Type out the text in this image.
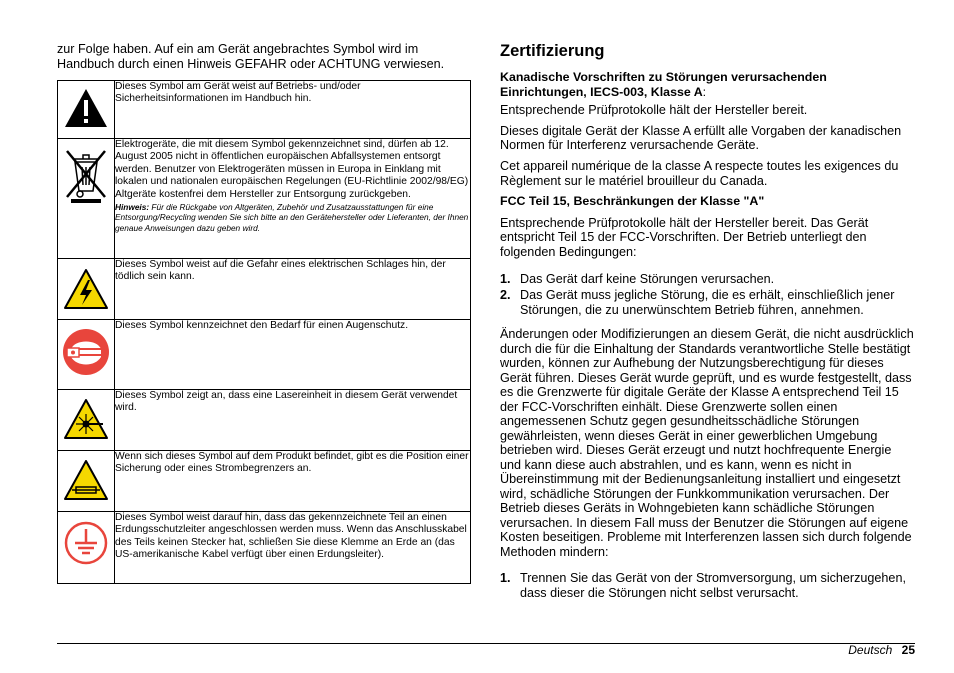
zur Folge haben. Auf ein am Gerät angebrachtes Symbol wird im Handbuch durch einen Hinweis GEFAHR oder ACHTUNG verwiesen.

	Dieses Symbol am Gerät weist auf Betriebs- und/oder Sicherheitsinformationen im Handbuch hin.

Elektrogeräte, die mit diesem Symbol gekennzeichnet sind, dürfen ab 12. August 2005 nicht in öffentlichen europäischen Abfallsystemen entsorgt werden. Benutzer von Elektrogeräten müssen in Europa in Einklang mit lokalen und nationalen europäischen Regelungen (EU-Richtlinie 2002/98/EG) Altgeräte kostenfrei dem Hersteller zur Entsorgung zurückgeben.
Hinweis: Für die Rückgabe von Altgeräten, Zubehör und Zusatzausstattungen für eine Entsorgung/Recycling wenden Sie sich bitte an den Gerätehersteller oder Lieferanten, der Ihnen genaue Anweisungen dazu geben wird.

	Dieses Symbol weist auf die Gefahr eines elektrischen Schlages hin, der tödlich sein kann.

	Dieses Symbol kennzeichnet den Bedarf für einen Augenschutz.

	Dieses Symbol zeigt an, dass eine Lasereinheit in diesem Gerät verwendet wird.

	Wenn sich dieses Symbol auf dem Produkt befindet, gibt es die Position einer Sicherung oder eines Strombegrenzers an.

	Dieses Symbol weist darauf hin, dass das gekennzeichnete Teil an einen Erdungsschutzleiter angeschlossen werden muss. Wenn das Anschlusskabel des Teils keinen Stecker hat, schließen Sie diese Klemme an Erde an (das US-amerikanische Kabel verfügt über einen Erdungsleiter).
Zertifizierung
Kanadische Vorschriften zu Störungen verursachenden Einrichtungen, IECS-003, Klasse A:

Entsprechende Prüfprotokolle hält der Hersteller bereit.

Dieses digitale Gerät der Klasse A erfüllt alle Vorgaben der kanadischen Normen für Interferenz verursachende Geräte.

Cet appareil numérique de la classe A respecte toutes les exigences du Règlement sur le matériel brouilleur du Canada.

FCC Teil 15, Beschränkungen der Klasse "A"

Entsprechende Prüfprotokolle hält der Hersteller bereit. Das Gerät entspricht Teil 15 der FCC-Vorschriften. Der Betrieb unterliegt den folgenden Bedingungen:

1. Das Gerät darf keine Störungen verursachen.
2. Das Gerät muss jegliche Störung, die es erhält, einschließlich jener Störungen, die zu unerwünschtem Betrieb führen, annehmen.

Änderungen oder Modifizierungen an diesem Gerät, die nicht ausdrücklich durch die für die Einhaltung der Standards verantwortliche Stelle bestätigt wurden, können zur Aufhebung der Nutzungsberechtigung für dieses Gerät führen. Dieses Gerät wurde geprüft, und es wurde festgestellt, dass es die Grenzwerte für digitale Geräte der Klasse A entsprechend Teil 15 der FCC-Vorschriften einhält. Diese Grenzwerte sollen einen angemessenen Schutz gegen gesundheitsschädliche Störungen gewährleisten, wenn dieses Gerät in einer gewerblichen Umgebung betrieben wird. Dieses Gerät erzeugt und nutzt hochfrequente Energie und kann diese auch abstrahlen, und es kann, wenn es nicht in Übereinstimmung mit der Bedienungsanleitung installiert und eingesetzt wird, schädliche Störungen der Funkkommunikation verursachen. Der Betrieb dieses Geräts in Wohngebieten kann schädliche Störungen verursachen. In diesem Fall muss der Benutzer die Störungen auf eigene Kosten beseitigen. Probleme mit Interferenzen lassen sich durch folgende Methoden mindern:

1. Trennen Sie das Gerät von der Stromversorgung, um sicherzugehen, dass dieser die Störungen nicht selbst verursacht.
Deutsch 25
